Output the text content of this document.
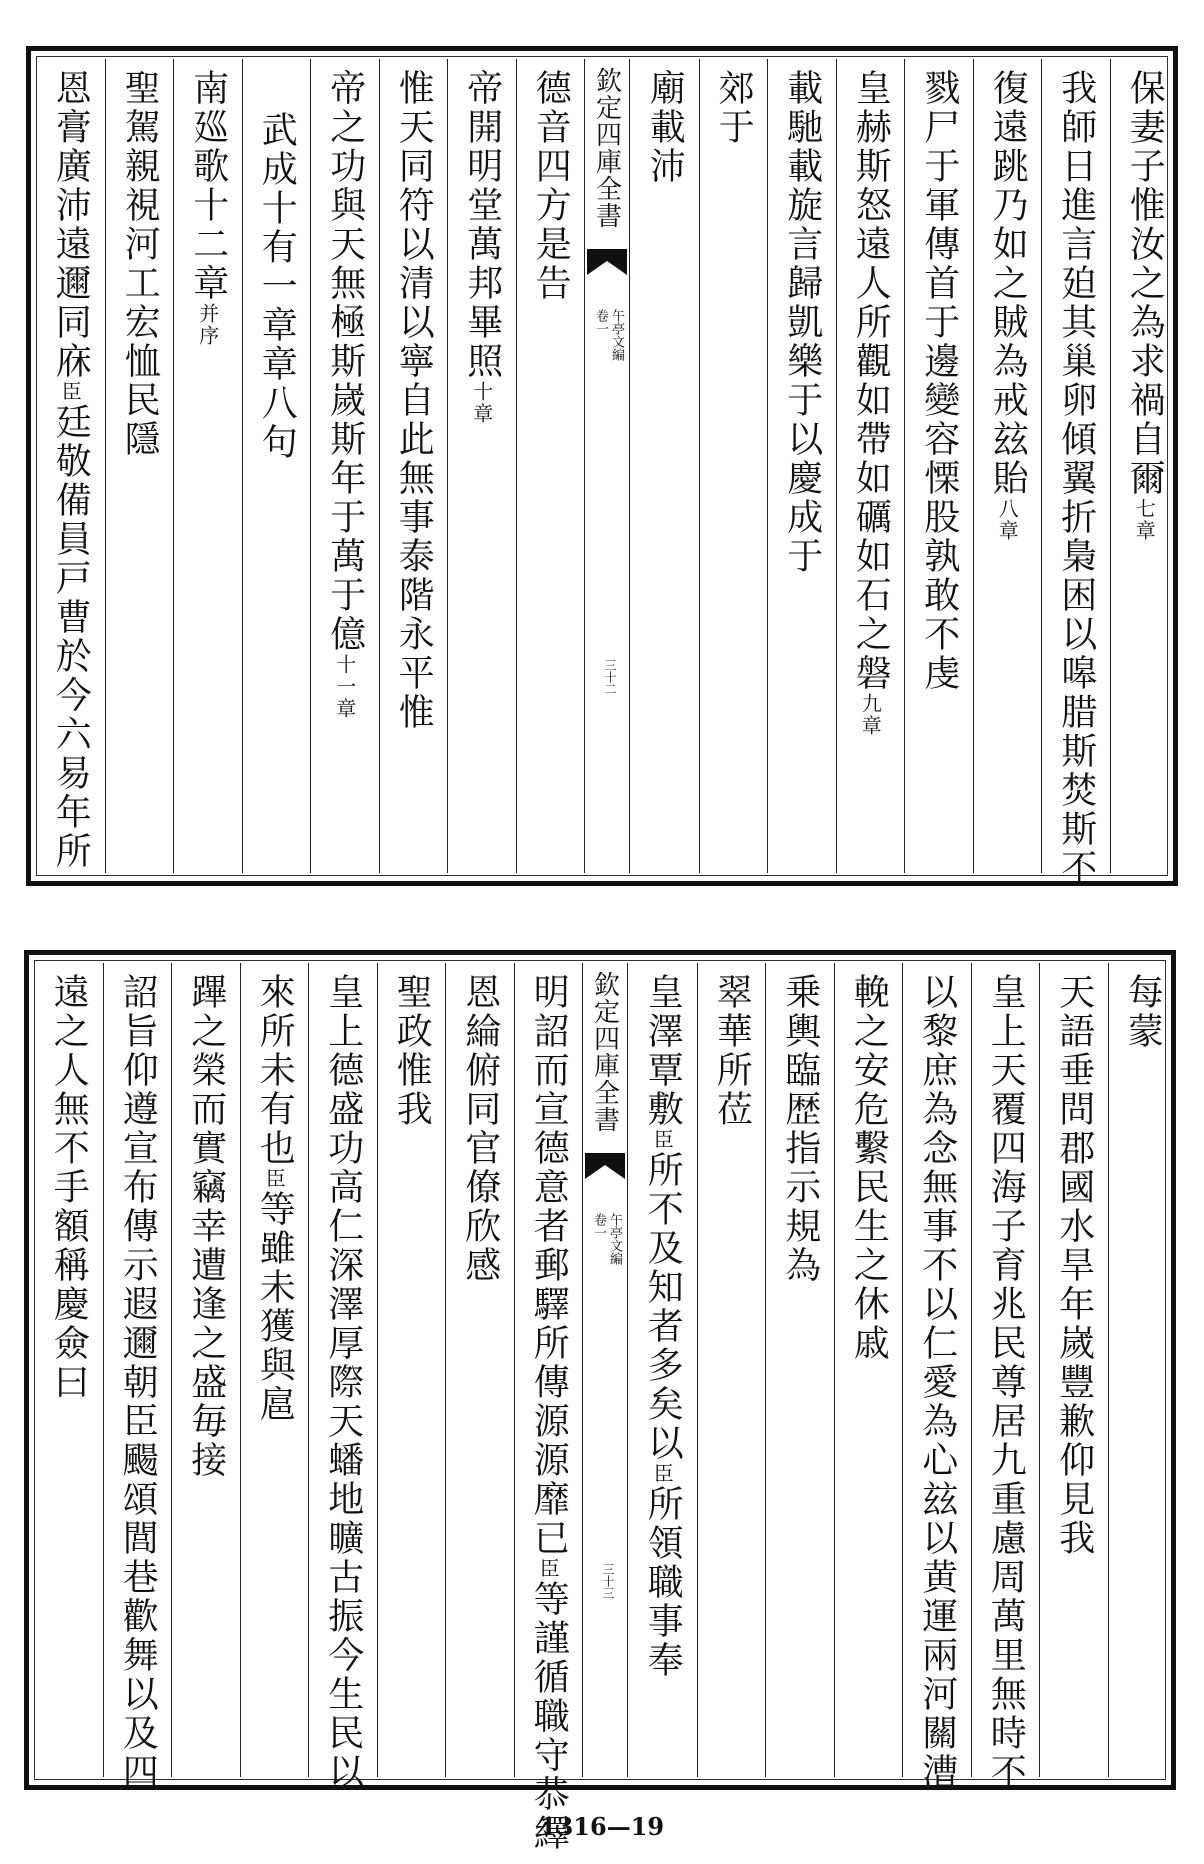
保妻子惟汝之為求禍自爾七章
我師日進言廹其巢卵傾翼折梟困以嗥腊斯焚斯不
復遠跳乃如之賊為戒玆貽八章
戮尸于軍傳首于邊變容慄股孰敢不虔
皇赫斯怒遠人所觀如帶如礪如石之磐九章
載馳載旋言歸凱樂于以慶成于
郊于
廟載沛
德音四方是告
帝開明堂萬邦畢照十章
惟天同符以清以寧自此無事泰階永平惟
帝之功與天無極斯嵗斯年于萬于億十一章
武成十有一章章八句
南廵歌十二章并序
聖駕親視河工宏恤民隱
恩膏廣沛遠邇同庥臣廷敬備員戸曹於今六易年所
欽定四庫全書
午亭文編
卷一
三十二
每蒙
天語垂問郡國水旱年嵗豐歉仰見我
皇上天覆四海子育兆民尊居九重慮周萬里無時不
以黎庶為念無事不以仁愛為心玆以黄運兩河關漕
輓之安危繫民生之休戚
乗輿臨歴指示規為
翠華所莅
皇澤覃敷臣所不及知者多矣以臣所領職事奉
明詔而宣德意者郵驛所傳源源靡已臣等謹循職守恭繹
恩綸俯同官僚欣感
聖政惟我
皇上德盛功高仁深澤厚際天蟠地曠古振今生民以
來所未有也臣等雖未獲與扈
蹕之榮而實竊幸遭逢之盛毎接
詔旨仰遵宣布傳示遐邇朝臣颺頌閭巷歡舞以及四
遠之人無不手額稱慶僉曰	欽定四庫全書
午亭文編
卷一
三十三
1316—19
